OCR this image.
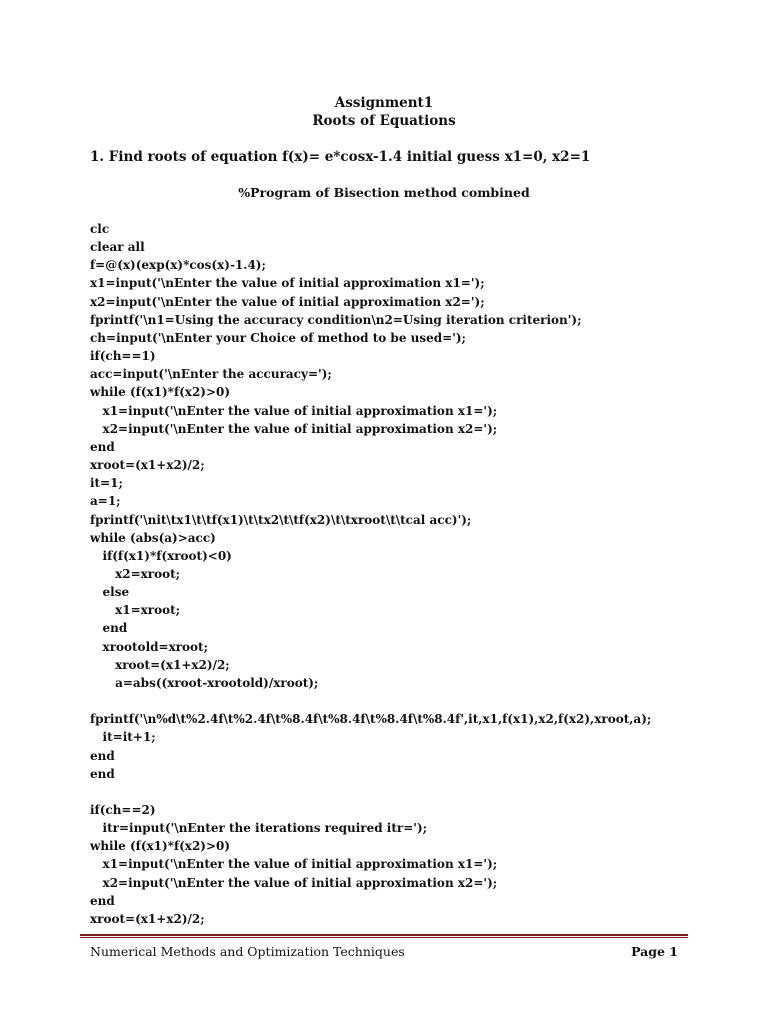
Assignment1
Roots of Equations
1. Find roots of equation f(x)= e*cosx-1.4 initial guess x1=0, x2=1
%Program of Bisection method combined
clc
clear all
f=@(x)(exp(x)*cos(x)-1.4);
x1=input('\nEnter the value of initial approximation x1=');
x2=input('\nEnter the value of initial approximation x2=');
fprintf('\n1=Using the accuracy condition\n2=Using iteration criterion');
ch=input('\nEnter your Choice of method to be used=');
if(ch==1)
acc=input('\nEnter the accuracy=');
while (f(x1)*f(x2)>0)
x1=input('\nEnter the value of initial approximation x1=');
x2=input('\nEnter the value of initial approximation x2=');
end
xroot=(x1+x2)/2;
it=1;
a=1;
fprintf('\nit\tx1\t\tf(x1)\t\tx2\t\tf(x2)\t\txroot\t\tcal acc)');
while (abs(a)>acc)
if(f(x1)*f(xroot)<0)
x2=xroot;
else
x1=xroot;
end
xrootold=xroot;
xroot=(x1+x2)/2;
a=abs((xroot-xrootold)/xroot);
fprintf('\n%d\t%2.4f\t%2.4f\t%8.4f\t%8.4f\t%8.4f\t%8.4f',it,x1,f(x1),x2,f(x2),xroot,a);
it=it+1;
end
end
if(ch==2)
itr=input('\nEnter the iterations required itr=');
while (f(x1)*f(x2)>0)
x1=input('\nEnter the value of initial approximation x1=');
x2=input('\nEnter the value of initial approximation x2=');
end
xroot=(x1+x2)/2;
Numerical Methods and Optimization Techniques	Page 1
